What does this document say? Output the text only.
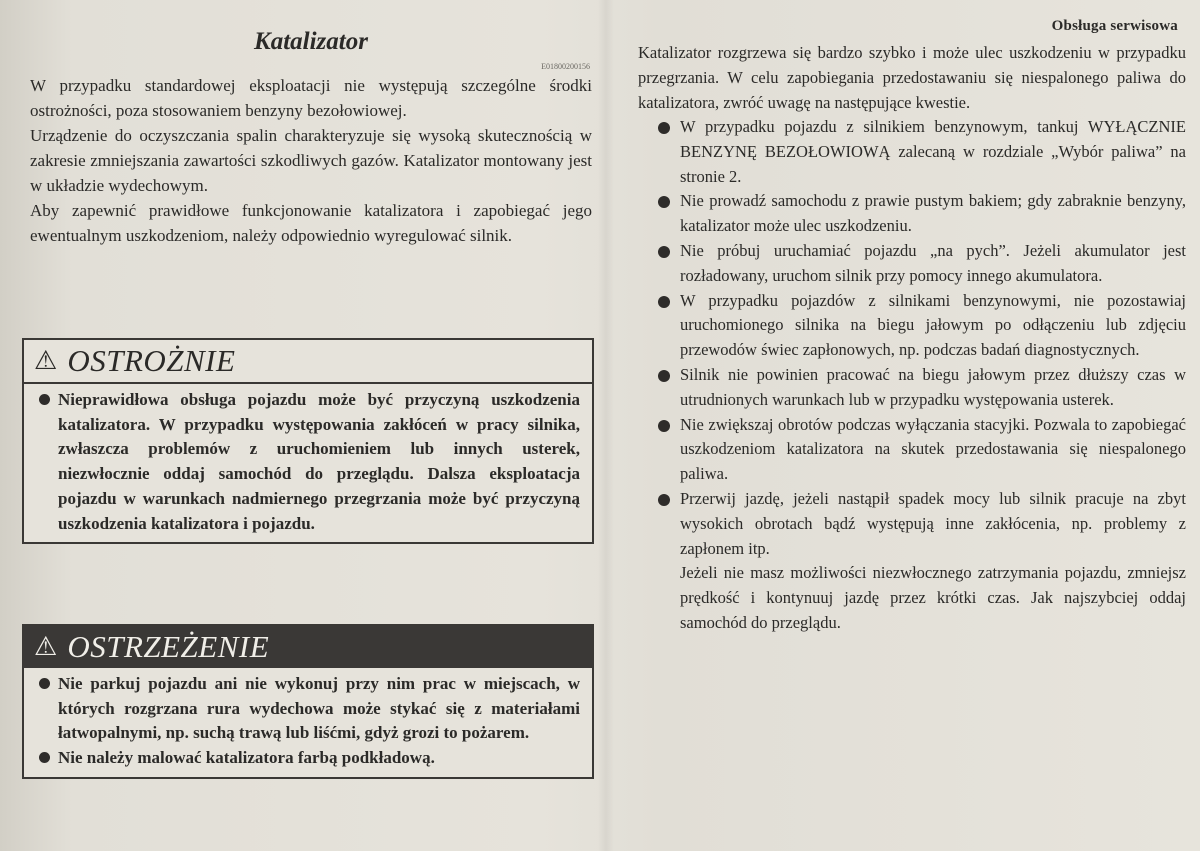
Obsługa serwisowa
Katalizator
E01800200156

W przypadku standardowej eksploatacji nie występują szczególne środki ostrożności, poza stosowaniem benzyny bezołowiowej.

Urządzenie do oczyszczania spalin charakteryzuje się wysoką skutecznością w zakresie zmniejszania zawartości szkodliwych gazów. Katalizator montowany jest w układzie wydechowym.

Aby zapewnić prawidłowe funkcjonowanie katalizatora i zapobiegać jego ewentualnym uszkodzeniom, należy odpowiednio wyregulować silnik.

⚠ OSTROŻNIE
Nieprawidłowa obsługa pojazdu może być przyczyną uszkodzenia katalizatora. W przypadku występowania zakłóceń w pracy silnika, zwłaszcza problemów z uruchomieniem lub innych usterek, niezwłocznie oddaj samochód do przeglądu. Dalsza eksploatacja pojazdu w warunkach nadmiernego przegrzania może być przyczyną uszkodzenia katalizatora i pojazdu.
⚠ OSTRZEŻENIE
Nie parkuj pojazdu ani nie wykonuj przy nim prac w miejscach, w których rozgrzana rura wydechowa może stykać się z materiałami łatwopalnymi, np. suchą trawą lub liśćmi, gdyż grozi to pożarem.
Nie należy malować katalizatora farbą podkładową.

Katalizator rozgrzewa się bardzo szybko i może ulec uszkodzeniu w przypadku przegrzania. W celu zapobiegania przedostawaniu się niespalonego paliwa do katalizatora, zwróć uwagę na następujące kwestie.

W przypadku pojazdu z silnikiem benzynowym, tankuj WYŁĄCZNIE BENZYNĘ BEZOŁOWIOWĄ zalecaną w rozdziale „Wybór paliwa” na stronie 2.
Nie prowadź samochodu z prawie pustym bakiem; gdy zabraknie benzyny, katalizator może ulec uszkodzeniu.
Nie próbuj uruchamiać pojazdu „na pych”. Jeżeli akumulator jest rozładowany, uruchom silnik przy pomocy innego akumulatora.
W przypadku pojazdów z silnikami benzynowymi, nie pozostawiaj uruchomionego silnika na biegu jałowym po odłączeniu lub zdjęciu przewodów świec zapłonowych, np. podczas badań diagnostycznych.
Silnik nie powinien pracować na biegu jałowym przez dłuższy czas w utrudnionych warunkach lub w przypadku występowania usterek.
Nie zwiększaj obrotów podczas wyłączania stacyjki. Pozwala to zapobiegać uszkodzeniom katalizatora na skutek przedostawania się niespalonego paliwa.
Przerwij jazdę, jeżeli nastąpił spadek mocy lub silnik pracuje na zbyt wysokich obrotach bądź występują inne zakłócenia, np. problemy z zapłonem itp.
Jeżeli nie masz możliwości niezwłocznego zatrzymania pojazdu, zmniejsz prędkość i kontynuuj jazdę przez krótki czas. Jak najszybciej oddaj samochód do przeglądu.
